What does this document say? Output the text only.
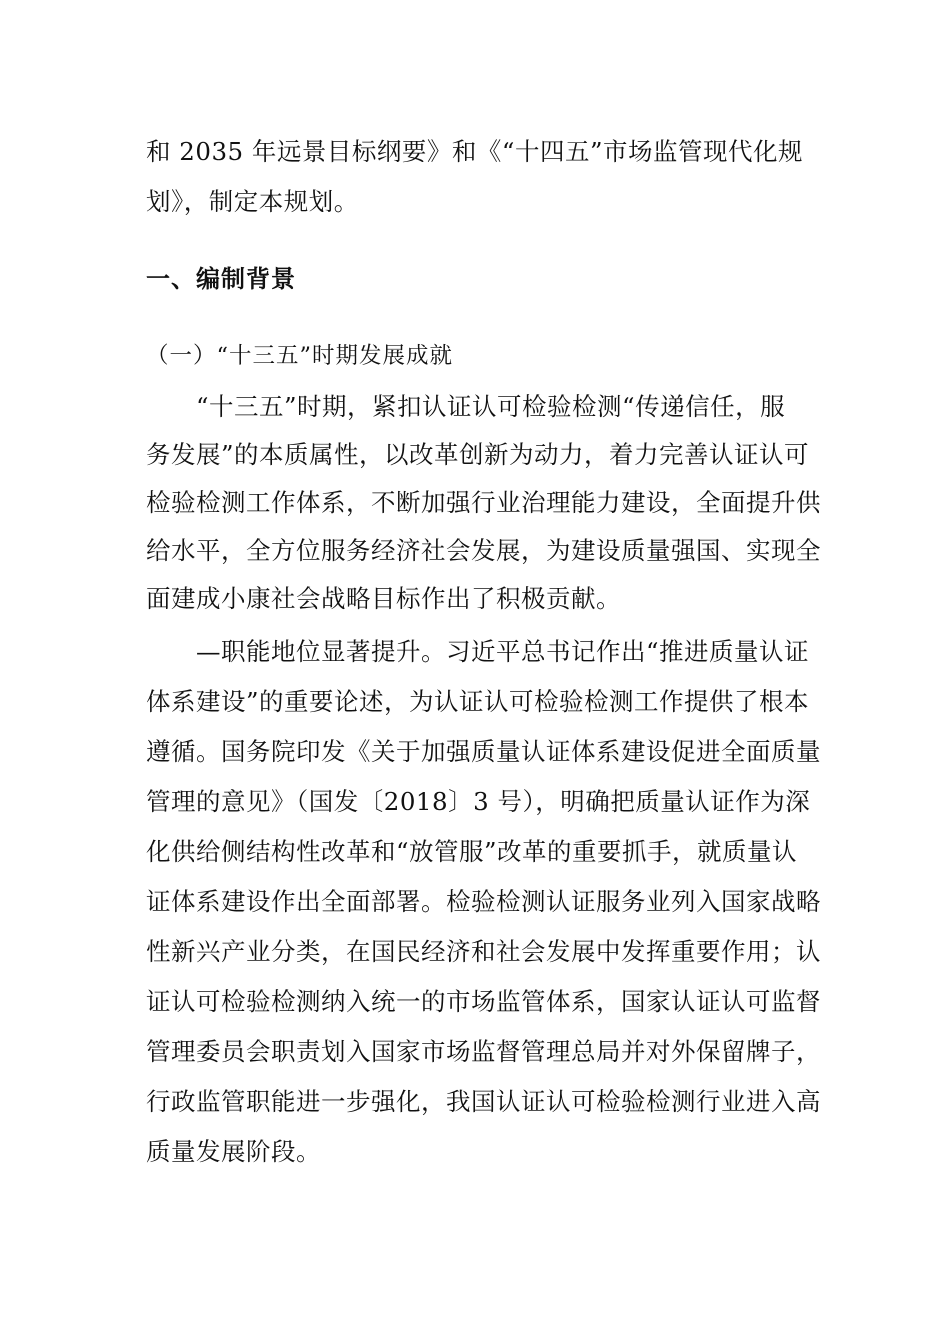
和 2035 年远景目标纲要》和《“十四五”市场监管现代化规
划》，制定本规划。
一、编制背景
（一）“十三五”时期发展成就
“十三五”时期，紧扣认证认可检验检测“传递信任，服
务发展”的本质属性，以改革创新为动力，着力完善认证认可
检验检测工作体系，不断加强行业治理能力建设，全面提升供
给水平，全方位服务经济社会发展，为建设质量强国、实现全
面建成小康社会战略目标作出了积极贡献。
—职能地位显著提升。习近平总书记作出“推进质量认证
体系建设”的重要论述，为认证认可检验检测工作提供了根本
遵循。国务院印发《关于加强质量认证体系建设促进全面质量
管理的意见》（国发〔2018〕3 号），明确把质量认证作为深
化供给侧结构性改革和“放管服”改革的重要抓手，就质量认
证体系建设作出全面部署。检验检测认证服务业列入国家战略
性新兴产业分类，在国民经济和社会发展中发挥重要作用；认
证认可检验检测纳入统一的市场监管体系，国家认证认可监督
管理委员会职责划入国家市场监督管理总局并对外保留牌子，
行政监管职能进一步强化，我国认证认可检验检测行业进入高
质量发展阶段。
